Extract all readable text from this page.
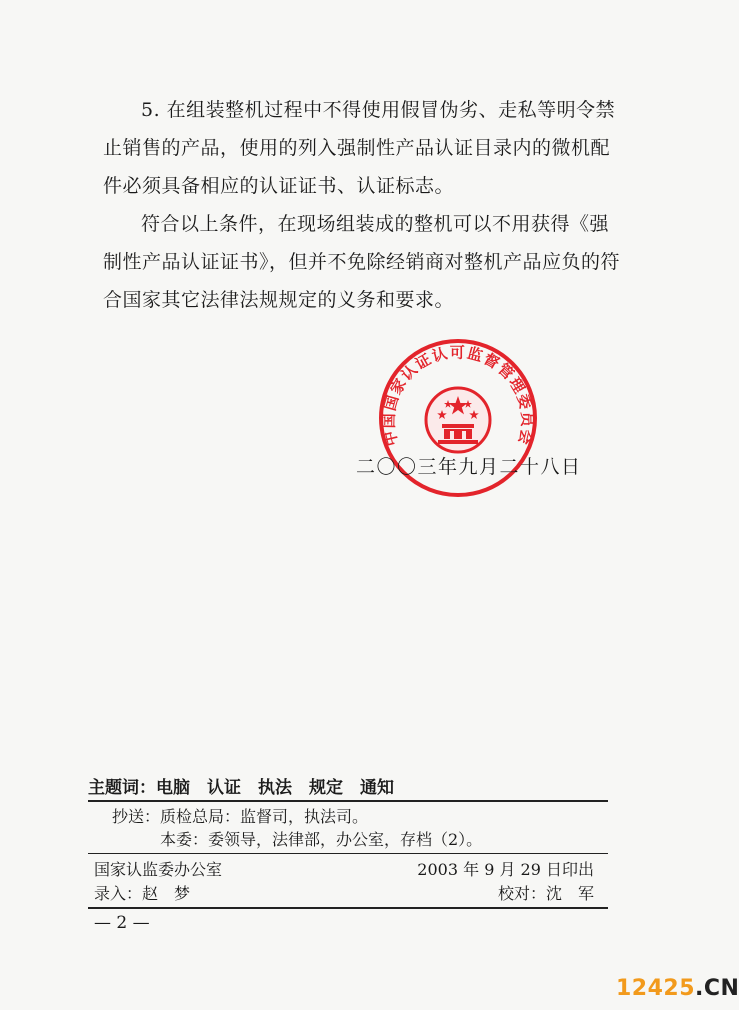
5. 在组装整机过程中不得使用假冒伪劣、走私等明令禁止销售的产品，使用的列入强制性产品认证目录内的微机配件必须具备相应的认证证书、认证标志。

符合以上条件，在现场组装成的整机可以不用获得《强制性产品认证证书》，但并不免除经销商对整机产品应负的符合国家其它法律法规规定的义务和要求。

中国国家认证认可监督管理委员会
二〇〇三年九月二十八日
主题词：电脑　认证　执法　规定　通知
抄送：质检总局：监督司，执法司。
本委：委领导，法律部，办公室，存档（2）。
国家认监委办公室	2003 年 9 月 29 日印出
录入：赵　梦	校对：沈　军
— 2 —
12425.CN
